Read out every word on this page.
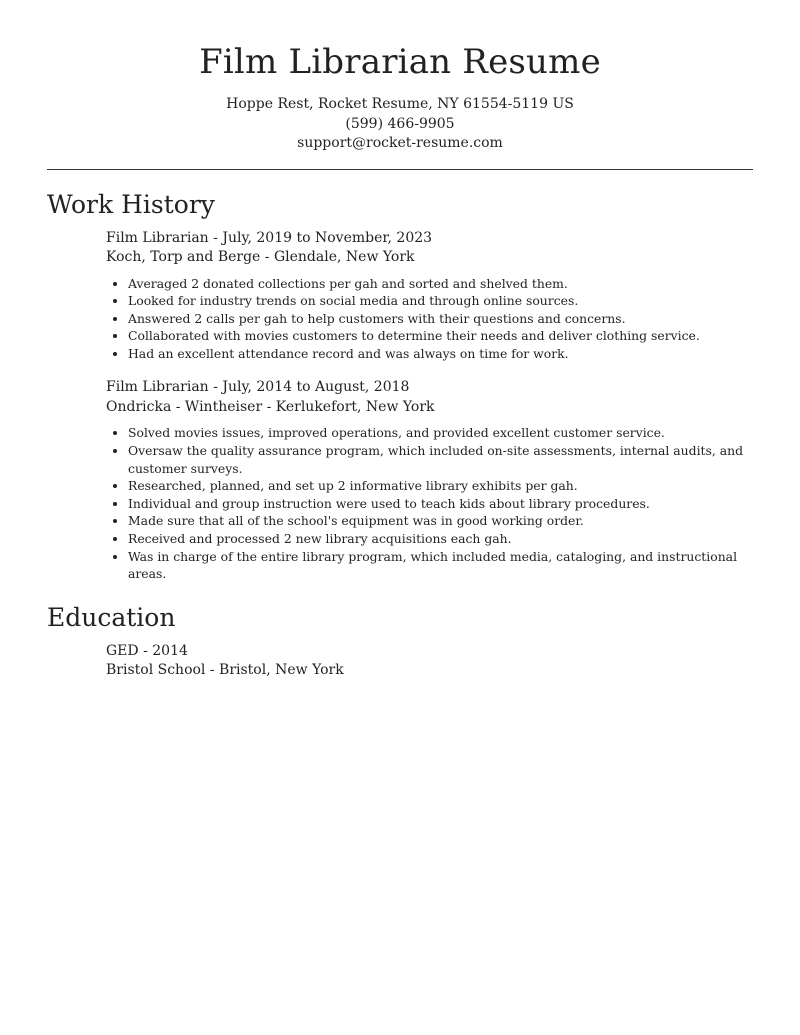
Film Librarian Resume
Hoppe Rest, Rocket Resume, NY 61554-5119 US
(599) 466-9905
support@rocket-resume.com
Work History
Film Librarian - July, 2019 to November, 2023
Koch, Torp and Berge - Glendale, New York
• Averaged 2 donated collections per gah and sorted and shelved them.
• Looked for industry trends on social media and through online sources.
• Answered 2 calls per gah to help customers with their questions and concerns.
• Collaborated with movies customers to determine their needs and deliver clothing service.
• Had an excellent attendance record and was always on time for work.
Film Librarian - July, 2014 to August, 2018
Ondricka - Wintheiser - Kerlukefort, New York
• Solved movies issues, improved operations, and provided excellent customer service.
• Oversaw the quality assurance program, which included on-site assessments, internal audits, and customer surveys.
• Researched, planned, and set up 2 informative library exhibits per gah.
• Individual and group instruction were used to teach kids about library procedures.
• Made sure that all of the school's equipment was in good working order.
• Received and processed 2 new library acquisitions each gah.
• Was in charge of the entire library program, which included media, cataloging, and instructional areas.
Education
GED - 2014
Bristol School - Bristol, New York
